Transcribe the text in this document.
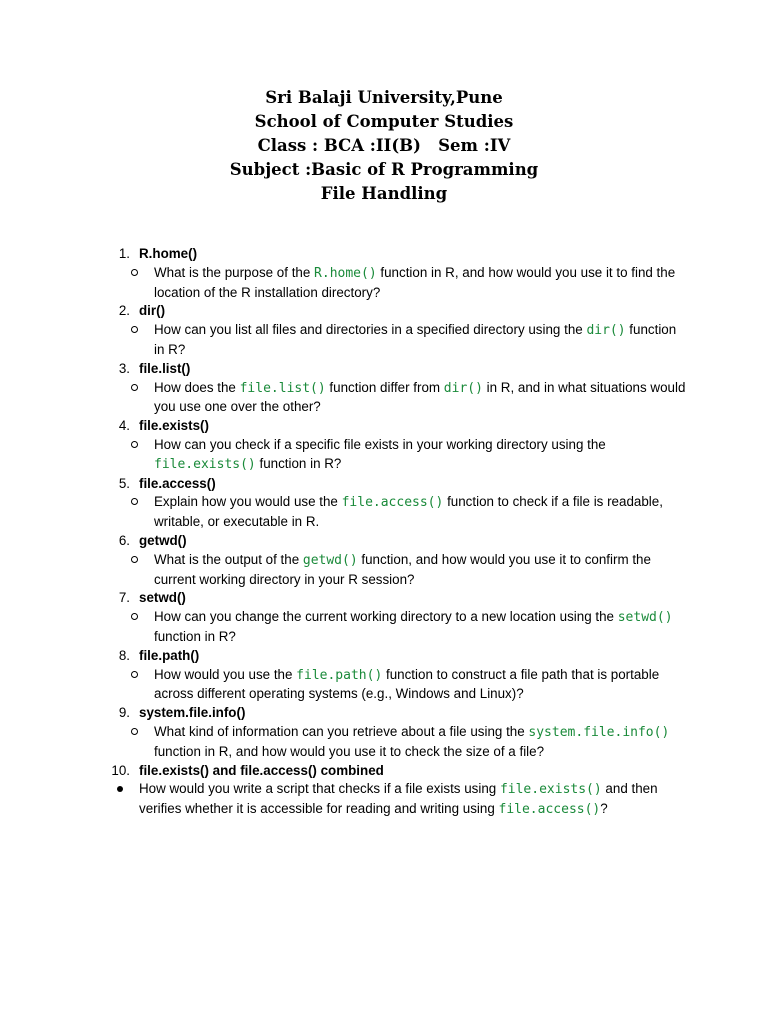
Sri Balaji University,Pune
School of Computer Studies
Class : BCA :II(B)   Sem :IV
Subject :Basic of R Programming
File Handling
1. R.home()
What is the purpose of the R.home() function in R, and how would you use it to find the location of the R installation directory?
2. dir()
How can you list all files and directories in a specified directory using the dir() function in R?
3. file.list()
How does the file.list() function differ from dir() in R, and in what situations would you use one over the other?
4. file.exists()
How can you check if a specific file exists in your working directory using the file.exists() function in R?
5. file.access()
Explain how you would use the file.access() function to check if a file is readable, writable, or executable in R.
6. getwd()
What is the output of the getwd() function, and how would you use it to confirm the current working directory in your R session?
7. setwd()
How can you change the current working directory to a new location using the setwd() function in R?
8. file.path()
How would you use the file.path() function to construct a file path that is portable across different operating systems (e.g., Windows and Linux)?
9. system.file.info()
What kind of information can you retrieve about a file using the system.file.info() function in R, and how would you use it to check the size of a file?
10. file.exists() and file.access() combined
How would you write a script that checks if a file exists using file.exists() and then verifies whether it is accessible for reading and writing using file.access()?
